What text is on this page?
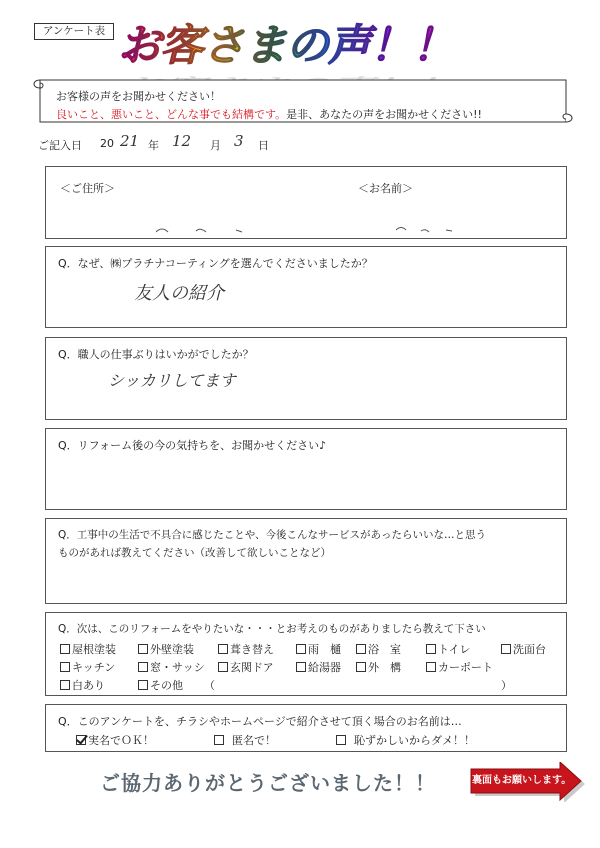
アンケート表 お客さまの声！！
お客様の声をお聞かせください！
良いこと、悪いこと、どんな事でも結構です。是非、あなたの声をお聞かせください!!
ご記入日 20 21 年 12 月 3 日
＜ご住所＞	＜お名前＞
Q．なぜ、㈱プラチナコーティングを選んでくださいましたか？
友人の紹介
Q．職人の仕事ぶりはいかがでしたか？
シッカリしてます
Q．リフォーム後の今の気持ちを、お聞かせください♪
Q．工事中の生活で不具合に感じたことや、今後こんなサービスがあったらいいな…と思う
ものがあれば教えてください（改善して欲しいことなど）
Q．次は、このリフォームをやりたいな・・・とお考えのものがありましたら教えて下さい
屋根塗装	外壁塗装	葺き替え	雨　樋 浴　室	トイレ	洗面台
キッチン	窓・サッシ 玄関ドア	給湯器 外　構	カーポート
白あり	その他 （	）
Q．このアンケートを、チラシやホームページで紹介させて頂く場合のお名前は…
実名でＯＫ！	匿名で！	恥ずかしいからダメ！！
ご協力ありがとうございました！！	裏面もお願いします。
